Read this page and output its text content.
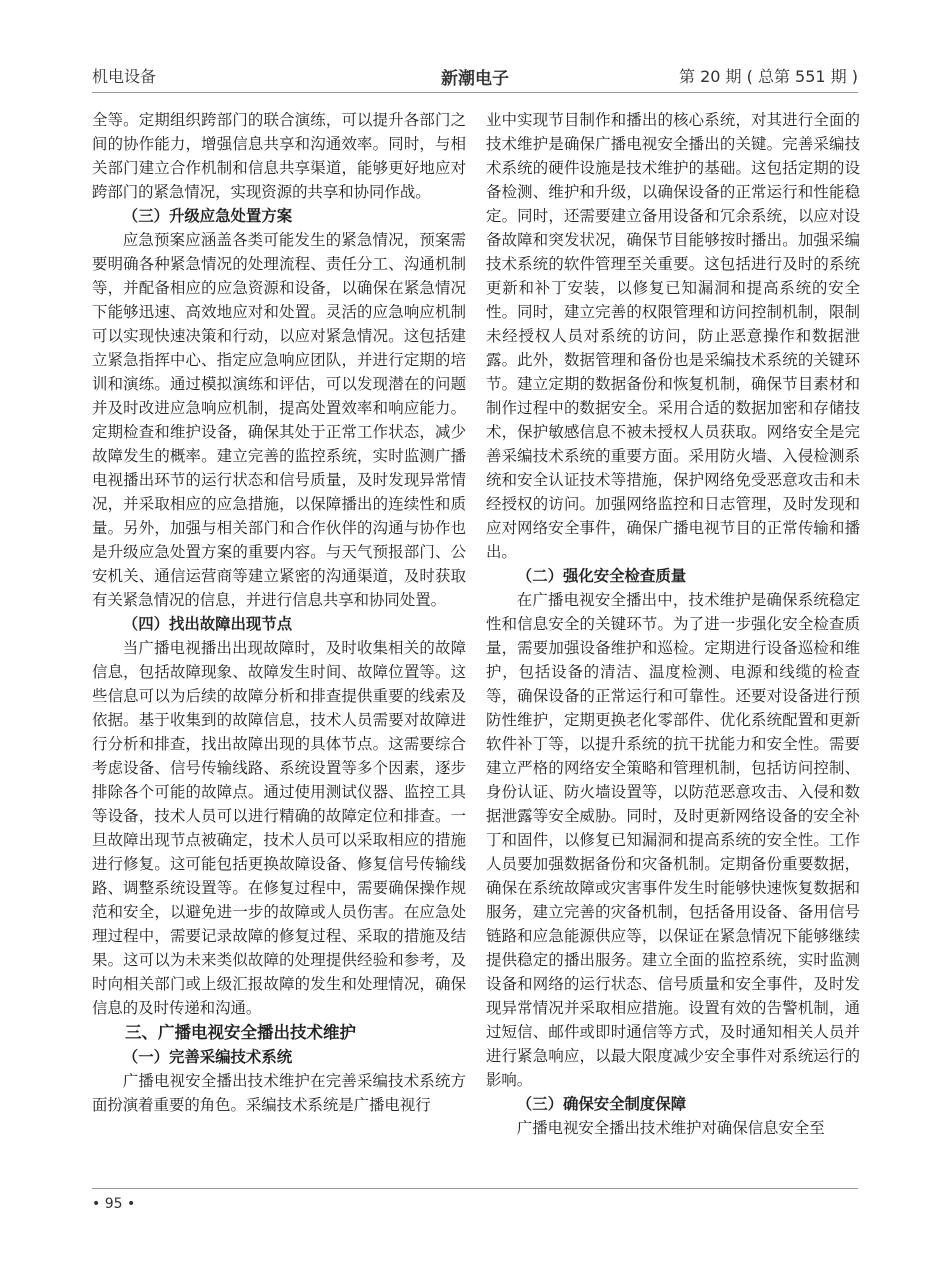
机电设备	新潮电子	第 20 期 ( 总第 551 期 )

全等。定期组织跨部门的联合演练，可以提升各部门之间的协作能力，增强信息共享和沟通效率。同时，与相关部门建立合作机制和信息共享渠道，能够更好地应对跨部门的紧急情况，实现资源的共享和协同作战。

（三）升级应急处置方案

应急预案应涵盖各类可能发生的紧急情况，预案需要明确各种紧急情况的处理流程、责任分工、沟通机制等，并配备相应的应急资源和设备，以确保在紧急情况下能够迅速、高效地应对和处置。灵活的应急响应机制可以实现快速决策和行动，以应对紧急情况。这包括建立紧急指挥中心、指定应急响应团队，并进行定期的培训和演练。通过模拟演练和评估，可以发现潜在的问题并及时改进应急响应机制，提高处置效率和响应能力。定期检查和维护设备，确保其处于正常工作状态，减少故障发生的概率。建立完善的监控系统，实时监测广播电视播出环节的运行状态和信号质量，及时发现异常情况，并采取相应的应急措施，以保障播出的连续性和质量。另外，加强与相关部门和合作伙伴的沟通与协作也是升级应急处置方案的重要内容。与天气预报部门、公安机关、通信运营商等建立紧密的沟通渠道，及时获取有关紧急情况的信息，并进行信息共享和协同处置。

（四）找出故障出现节点

当广播电视播出出现故障时，及时收集相关的故障信息，包括故障现象、故障发生时间、故障位置等。这些信息可以为后续的故障分析和排查提供重要的线索及依据。基于收集到的故障信息，技术人员需要对故障进行分析和排查，找出故障出现的具体节点。这需要综合考虑设备、信号传输线路、系统设置等多个因素，逐步排除各个可能的故障点。通过使用测试仪器、监控工具等设备，技术人员可以进行精确的故障定位和排查。一旦故障出现节点被确定，技术人员可以采取相应的措施进行修复。这可能包括更换故障设备、修复信号传输线路、调整系统设置等。在修复过程中，需要确保操作规范和安全，以避免进一步的故障或人员伤害。在应急处理过程中，需要记录故障的修复过程、采取的措施及结果。这可以为未来类似故障的处理提供经验和参考，及时向相关部门或上级汇报故障的发生和处理情况，确保信息的及时传递和沟通。

三、广播电视安全播出技术维护
（一）完善采编技术系统

广播电视安全播出技术维护在完善采编技术系统方面扮演着重要的角色。采编技术系统是广播电视行

业中实现节目制作和播出的核心系统，对其进行全面的技术维护是确保广播电视安全播出的关键。完善采编技术系统的硬件设施是技术维护的基础。这包括定期的设备检测、维护和升级，以确保设备的正常运行和性能稳定。同时，还需要建立备用设备和冗余系统，以应对设备故障和突发状况，确保节目能够按时播出。加强采编技术系统的软件管理至关重要。这包括进行及时的系统更新和补丁安装，以修复已知漏洞和提高系统的安全性。同时，建立完善的权限管理和访问控制机制，限制未经授权人员对系统的访问，防止恶意操作和数据泄露。此外，数据管理和备份也是采编技术系统的关键环节。建立定期的数据备份和恢复机制，确保节目素材和制作过程中的数据安全。采用合适的数据加密和存储技术，保护敏感信息不被未授权人员获取。网络安全是完善采编技术系统的重要方面。采用防火墙、入侵检测系统和安全认证技术等措施，保护网络免受恶意攻击和未经授权的访问。加强网络监控和日志管理，及时发现和应对网络安全事件，确保广播电视节目的正常传输和播出。

（二）强化安全检查质量

在广播电视安全播出中，技术维护是确保系统稳定性和信息安全的关键环节。为了进一步强化安全检查质量，需要加强设备维护和巡检。定期进行设备巡检和维护，包括设备的清洁、温度检测、电源和线缆的检查等，确保设备的正常运行和可靠性。还要对设备进行预防性维护，定期更换老化零部件、优化系统配置和更新软件补丁等，以提升系统的抗干扰能力和安全性。需要建立严格的网络安全策略和管理机制，包括访问控制、身份认证、防火墙设置等，以防范恶意攻击、入侵和数据泄露等安全威胁。同时，及时更新网络设备的安全补丁和固件，以修复已知漏洞和提高系统的安全性。工作人员要加强数据备份和灾备机制。定期备份重要数据，确保在系统故障或灾害事件发生时能够快速恢复数据和服务，建立完善的灾备机制，包括备用设备、备用信号链路和应急能源供应等，以保证在紧急情况下能够继续提供稳定的播出服务。建立全面的监控系统，实时监测设备和网络的运行状态、信号质量和安全事件，及时发现异常情况并采取相应措施。设置有效的告警机制，通过短信、邮件或即时通信等方式，及时通知相关人员并进行紧急响应，以最大限度减少安全事件对系统运行的影响。

（三）确保安全制度保障

广播电视安全播出技术维护对确保信息安全至

• 95 •
